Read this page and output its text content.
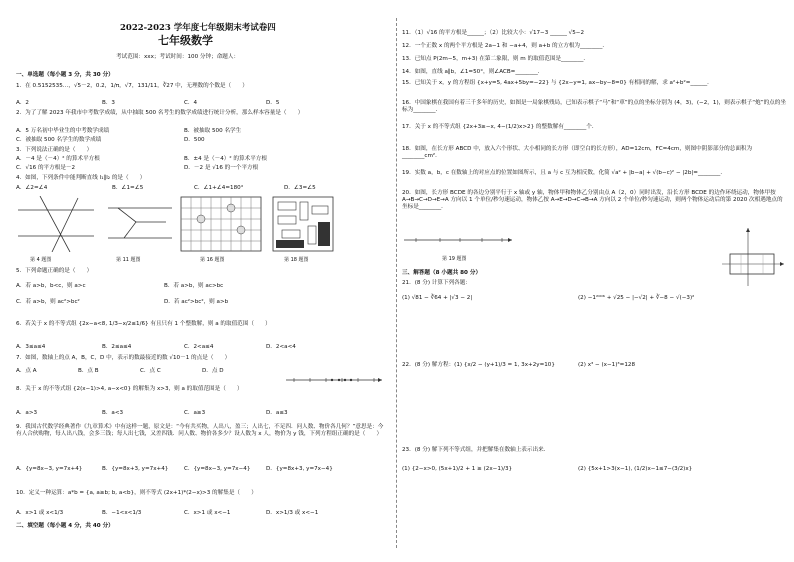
2022-2023 学年度七年级期末考试卷四
七年级数学
考试范围：xxx；考试时间：100 分钟；命题人：
一、单选题（每小题 3 分，共 30 分）
1．在 0.5152535…，√5－2，0.2，1/π，√7，131/11，∛27 中，无理数的个数是（　　）
A．2	B．3	C．4	D．5
2．为了了解 2023 年我市中考数学成绩，从中抽取 500 名考生的数学成绩进行统计分析，那么样本容量是（　　）
A．5 万名初中毕业生的中考数学成绩	B．被抽取 500 名学生
C．被抽取 500 名学生的数学成绩	D．500
3．下列说法正确的是（　　）
A．－4 是（－4）² 的算术平方根	B．±4 是（－4）² 的算术平方根
C．√16 的平方根是－2	D．－2 是 √16 的一个平方根
4．如图，下列条件中能判断直线 l₁∥l₂ 的是（　　）
A．∠2=∠4	B．∠1=∠5	C．∠1+∠4=180°	D．∠3=∠5
第 4 题图	第 11 题图	第 16 题图	第 18 题图
5．下列命题正确的是（　　）
A．若 a>b，b<c，则 a>c	B．若 a>b，则 ac>bc
C．若 a>b，则 ac²>bc²	D．若 ac²>bc²，则 a>b
6．若关于 x 的不等式组 {2x−a<8, 1/3−x/2≤1/6} 有且只有 1 个整数解，则 a 的取值范围（　　）
A．3≤a≤4	B．2≤a≤4	C．2<a≤4	D．2<a<4
7．如图，数轴上的点 A，B，C，D 中，表示的数最接近的数 √10－1 的点是（　　）
A．点 A	B．点 B	C．点 C	D．点 D
8．关于 x 的不等式组 {2(x−1)>4, a−x<0} 的解集为 x>3，则 a 的取值范围是（　　）
A．a>3	B．a<3	C．a≥3	D．a≤3
9．我国古代数学经典著作《九章算术》中有这样一题，原文是：“今有共买物，人出八，盈三；人出七，不足四．问人数、物价各几何？”意思是：今有人合伙购物，每人出八钱，会多三钱；每人出七钱，又差四钱．问人数、物价各多少？设人数为 x 人，物价为 y 钱，下列方程组正确的是（　　）
A．{y=8x−3, y=7x+4}	B．{y=8x+3, y=7x+4}	C．{y=8x−3, y=7x−4}	D．{y=8x+3, y=7x−4}
10．定义一种运算：a*b = {a, a≥b; b, a<b}，则不等式 (2x+1)*(2−x)>3 的解集是（　　）
A．x>1 或 x<1/3	B．−1<x<1/3	C．x>1 或 x<−1	D．x>1/3 或 x<−1
二、填空题（每小题 4 分，共 40 分）
11．（1）√16 的平方根是______；（2）比较大小：√17−3 ______ √5−2
12．一个正数 x 的两个平方根是 2a−1 和 −a+4，则 a+b 的立方根为________．
13．已知点 P(2m−5，m+3) 在第二象限，则 m 的取值范围是________．
14．如图，直线 a∥b，∠1=50°，则∠ACB=________．
15．已知关于 x，y 的方程组 {x+y=5, 4ax+5by=−22} 与 {2x−y=1, ax−by−8=0} 有相同的解，求 a²+b²=______．
16．中国象棋在我国有着三千多年的历史，如图是一局象棋残局，已知表示棋子“马”和“車”的点的坐标分别为 (4，3)，(−2，1)，则表示棋子“炮”的点的坐标为________．
17．关于 x 的不等式组 {2x+3≥−x, 4−(1/2)x>2} 的整数解有________个．
18．如图，在长方形 ABCD 中，放入六个形状、大小相同的长方形（即空白的长方形），AD=12cm，FC=4cm，则图中阴影部分的总面积为________cm²．
19．实数 a，b，c 在数轴上的对应点的位置如图所示，且 a 与 c 互为相反数，化简 √a² + |b−a| + √(b−c)² − |2b|=________．
20．如图，长方形 BCDE 的各边分别平行于 x 轴或 y 轴，物体甲和物体乙分别由点 A（2，0）同时出发，沿长方形 BCDE 的边作环绕运动，物体甲按 A→B→C→D→E→A 方向以 1 个单位/秒匀速运动，物体乙按 A→E→D→C→B→A 方向以 2 个单位/秒匀速运动，则两个物体运动后的第 2020 次相遇地点的坐标是________．
第 19 题图
三、解答题（8 小题共 80 分）
21．(8 分) 计算下列各题：
(1) √81 − ∛64 + |√3 − 2|	(2) −1²⁰⁰⁶ + √25 − |−√2| + ∛−8 − √(−3)²
22．(8 分) 解方程：(1) {x/2 − (y+1)/3 = 1, 3x+2y=10}	(2) x³ − (x−1)³=128
23．(8 分) 解下列不等式组，并把解集在数轴上表示出来．
(1) {2−x>0, (5x+1)/2 + 1 ≥ (2x−1)/3}	(2) {5x+1>3(x−1), (1/2)x−1≤7−(3/2)x}
